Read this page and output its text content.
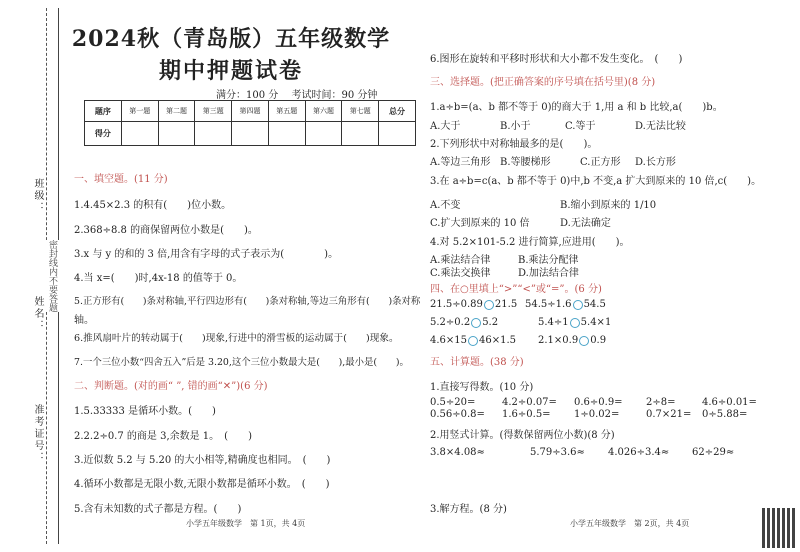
班级：
姓名：
准考证号：
密封线内不要答题
2024秋（青岛版）五年级数学
期中押题试卷
满分：100 分 考试时间：90 分钟
题序	第一题	第二题	第三题	第四题	第五题	第六题	第七题	总分
得分								
一、填空题。(11 分)
1.4.45×2.3 的积有(　　)位小数。
2.368÷8.8 的商保留两位小数是(　　)。
3.x 与 y 的和的 3 倍,用含有字母的式子表示为(　　　　)。
4.当 x=(　　)时,4x-18 的值等于 0。
5.正方形有(　　)条对称轴,平行四边形有(　　)条对称轴,等边三角形有(　　)条对称
轴。
6.推风扇叶片的转动属于(　　)现象,行进中的滑雪板的运动属于(　　)现象。
7.一个三位小数“四舍五入”后是 3.20,这个三位小数最大是(　　),最小是(　　)。
二、判断题。(对的画“ ”, 错的画“✕”)(6 分)
1.5.33333 是循环小数。(　　)
2.2.2÷0.7 的商是 3,余数是 1。　(　　)
3.近似数 5.2 与 5.20 的大小相等,精确度也相同。　(　　)
4.循环小数都是无限小数,无限小数都是循环小数。　(　　)
5.含有未知数的式子都是方程。(　　)
小学五年级数学　第 1页，共 4页
6.图形在旋转和平移时形状和大小都不发生变化。　(　　)
三、选择题。(把正确答案的序号填在括号里)(8 分)
1.a÷b=(a、b 都不等于 0)的商大于 1,用 a 和 b 比较,a(　　)b。
A.大于	B.小于	C.等于	D.无法比较
2.下列形状中对称轴最多的是(　　)。
A.等边三角形 B.等腰梯形	C.正方形 D.长方形
3.在 a÷b=c(a、b 都不等于 0)中,b 不变,a 扩大到原来的 10 倍,c(　　)。
A.不变	B.缩小到原来的 1/10
C.扩大到原来的 10 倍	D.无法确定
4.对 5.2×101-5.2 进行简算,应进用(　　)。
A.乘法结合律	B.乘法分配律
C.乘法交换律	D.加法结合律
四、在○里填上“>”“<”或“=”。(6 分)
21.5÷0.89 21.5 54.5÷1.6 54.5
5.2÷0.2 5.2	5.4÷1 5.4×1
4.6×15 46×1.5 2.1×0.9 0.9
五、计算题。(38 分)
1.直接写得数。(10 分)
0.5÷20=	4.2÷0.07= 0.6÷0.9= 2÷8=	4.6÷0.01=
0.56÷0.8= 1.6÷0.5= 1÷0.02=	0.7×21= 0÷5.88=
2.用竖式计算。(得数保留两位小数)(8 分)
3.8×4.08≈	5.79÷3.6≈ 4.026÷3.4≈ 62÷29≈
3.解方程。(8 分)
小学五年级数学　第 2页，共 4页
